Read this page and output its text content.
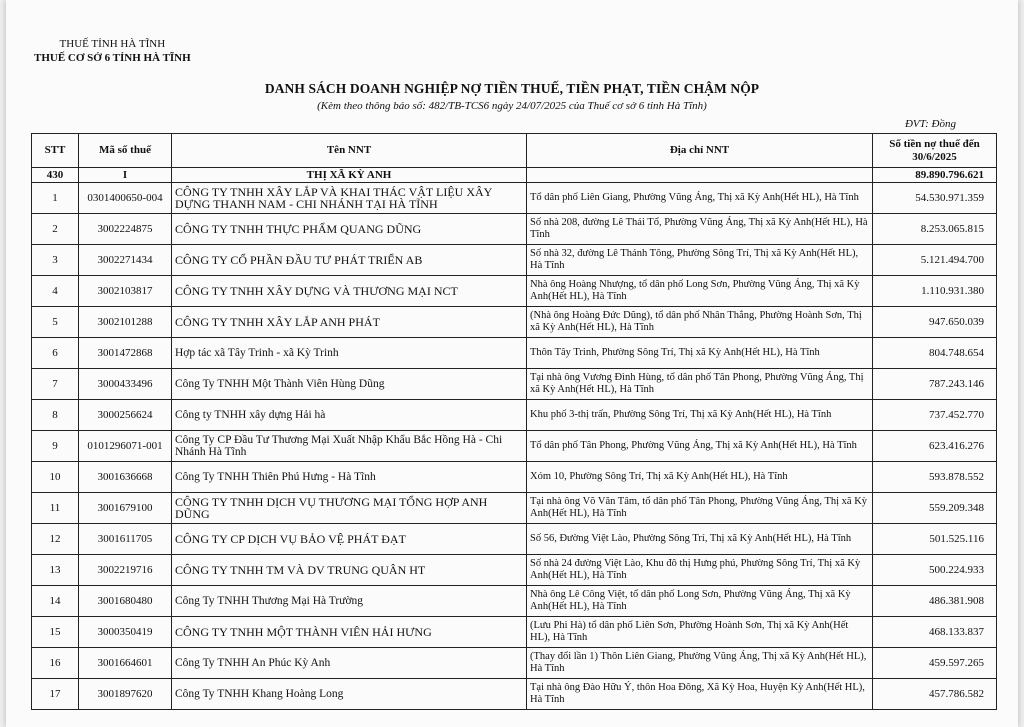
THUẾ TỈNH HÀ TĨNH
THUẾ CƠ SỞ 6 TỈNH HÀ TĨNH
DANH SÁCH DOANH NGHIỆP NỢ TIỀN THUẾ, TIỀN PHẠT, TIỀN CHẬM NỘP
(Kèm theo thông báo số: 482/TB-TCS6 ngày 24/07/2025 của Thuế cơ sở 6 tỉnh Hà Tĩnh)
ĐVT: Đồng
STT	Mã số thuế	Tên NNT	Địa chỉ NNT	Số tiền nợ thuế đến 30/6/2025
430	I	THỊ XÃ KỲ ANH		89.890.796.621
1	0301400650-004	CÔNG TY TNHH XÂY LẮP VÀ KHAI THÁC VẬT LIỆU XÂY DỰNG THANH NAM - CHI NHÁNH TẠI HÀ TĨNH	Tổ dân phố Liên Giang, Phường Vũng Áng, Thị xã Kỳ Anh(Hết HL), Hà Tĩnh	54.530.971.359
2	3002224875	CÔNG TY TNHH THỰC PHẨM QUANG DŨNG	Số nhà 208, đường Lê Thái Tổ, Phường Vũng Áng, Thị xã Kỳ Anh(Hết HL), Hà Tĩnh	8.253.065.815
3	3002271434	CÔNG TY CỔ PHẦN ĐẦU TƯ PHÁT TRIỂN AB	Số nhà 32, đường Lê Thánh Tông, Phường Sông Trí, Thị xã Kỳ Anh(Hết HL), Hà Tĩnh	5.121.494.700
4	3002103817	CÔNG TY TNHH XÂY DỰNG VÀ THƯƠNG MẠI NCT	Nhà ông Hoàng Nhượng, tổ dân phố Long Sơn, Phường Vũng Áng, Thị xã Kỳ Anh(Hết HL), Hà Tĩnh	1.110.931.380
5	3002101288	CÔNG TY TNHH XÂY LẮP ANH PHÁT	(Nhà ông Hoàng Đức Dũng), tổ dân phố Nhân Thắng, Phường Hoành Sơn, Thị xã Kỳ Anh(Hết HL), Hà Tĩnh	947.650.039
6	3001472868	Hợp tác xã Tây Trinh - xã Kỳ Trinh	Thôn Tây Trinh, Phường Sông Trí, Thị xã Kỳ Anh(Hết HL), Hà Tĩnh	804.748.654
7	3000433496	Công Ty TNHH Một Thành Viên Hùng Dũng	Tại nhà ông Vương Đình Hùng, tổ dân phố Tân Phong, Phường Vũng Áng, Thị xã Kỳ Anh(Hết HL), Hà Tĩnh	787.243.146
8	3000256624	Công ty TNHH xây dựng Hải hà	Khu phố 3-thị trấn, Phường Sông Trí, Thị xã Kỳ Anh(Hết HL), Hà Tĩnh	737.452.770
9	0101296071-001	Công Ty CP Đầu Tư Thương Mại Xuất Nhập Khẩu Bắc Hồng Hà - Chi Nhánh Hà Tĩnh	Tổ dân phố Tân Phong, Phường Vũng Áng, Thị xã Kỳ Anh(Hết HL), Hà Tĩnh	623.416.276
10	3001636668	Công Ty TNHH Thiên Phú Hưng - Hà Tĩnh	Xóm 10, Phường Sông Trí, Thị xã Kỳ Anh(Hết HL), Hà Tĩnh	593.878.552
11	3001679100	CÔNG TY TNHH DỊCH VỤ THƯƠNG MẠI TỔNG HỢP ANH DŨNG	Tại nhà ông Võ Văn Tâm, tổ dân phố Tân Phong, Phường Vũng Áng, Thị xã Kỳ Anh(Hết HL), Hà Tĩnh	559.209.348
12	3001611705	CÔNG TY CP DỊCH VỤ BẢO VỆ PHÁT ĐẠT	Số 56, Đường Việt Lào, Phường Sông Trí, Thị xã Kỳ Anh(Hết HL), Hà Tĩnh	501.525.116
13	3002219716	CÔNG TY TNHH TM VÀ DV TRUNG QUÂN HT	Số nhà 24 đường Việt Lào, Khu đô thị Hưng phú, Phường Sông Trí, Thị xã Kỳ Anh(Hết HL), Hà Tĩnh	500.224.933
14	3001680480	Công Ty TNHH Thương Mại Hà Trường	Nhà ông Lê Công Việt, tổ dân phố Long Sơn, Phường Vũng Áng, Thị xã Kỳ Anh(Hết HL), Hà Tĩnh	486.381.908
15	3000350419	CÔNG TY TNHH MỘT THÀNH VIÊN HẢI HƯNG	(Lưu Phi Hà) tổ dân phố Liên Sơn, Phường Hoành Sơn, Thị xã Kỳ Anh(Hết HL), Hà Tĩnh	468.133.837
16	3001664601	Công Ty TNHH An Phúc Kỳ Anh	(Thay đổi lần 1) Thôn Liên Giang, Phường Vũng Áng, Thị xã Kỳ Anh(Hết HL), Hà Tĩnh	459.597.265
17	3001897620	Công Ty TNHH Khang Hoàng Long	Tại nhà ông Đào Hữu Ý, thôn Hoa Đông, Xã Kỳ Hoa, Huyện Kỳ Anh(Hết HL), Hà Tĩnh	457.786.582
